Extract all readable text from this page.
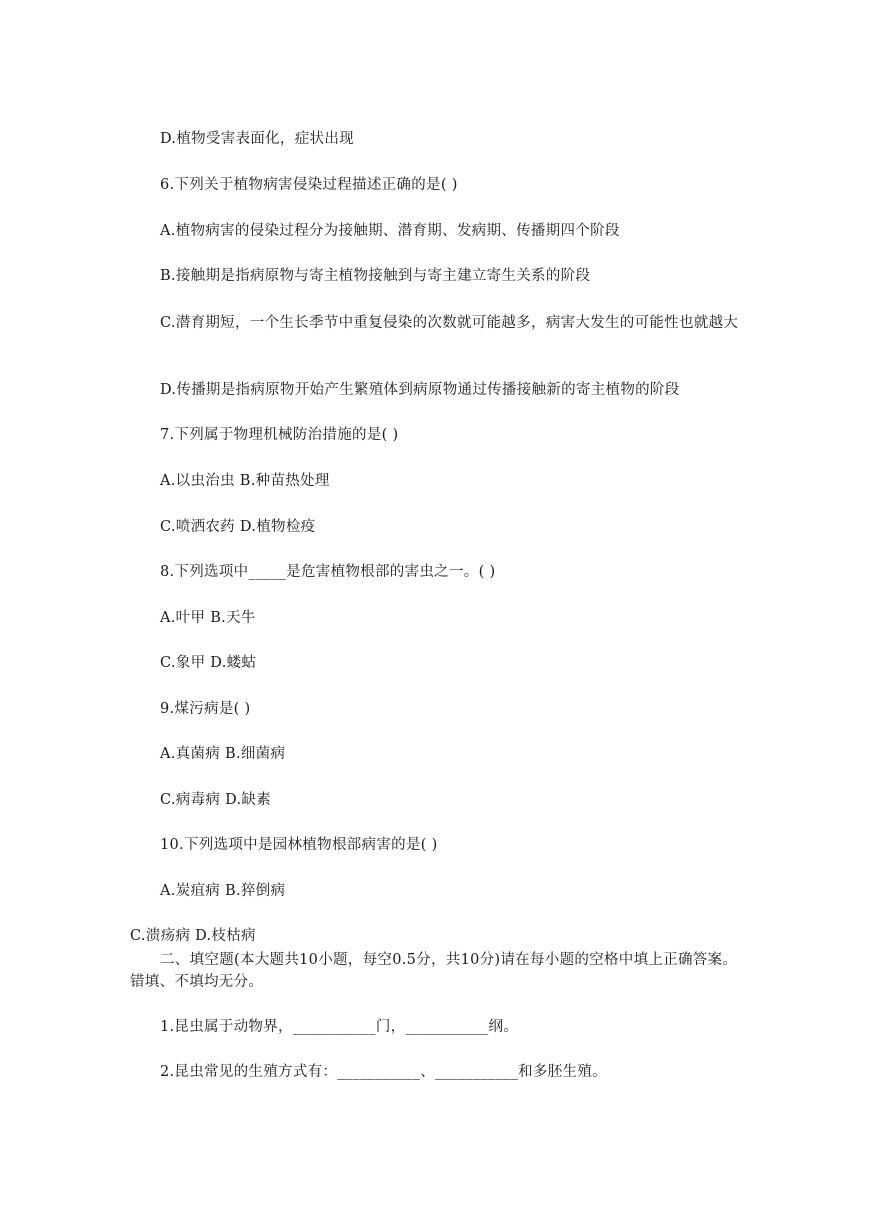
D.植物受害表面化，症状出现
6.下列关于植物病害侵染过程描述正确的是( )
A.植物病害的侵染过程分为接触期、潜育期、发病期、传播期四个阶段
B.接触期是指病原物与寄主植物接触到与寄主建立寄生关系的阶段
C.潜育期短，一个生长季节中重复侵染的次数就可能越多，病害大发生的可能性也就越大
D.传播期是指病原物开始产生繁殖体到病原物通过传播接触新的寄主植物的阶段
7.下列属于物理机械防治措施的是( )
A.以虫治虫 B.种苗热处理
C.喷洒农药 D.植物检疫
8.下列选项中_____是危害植物根部的害虫之一。( )
A.叶甲 B.天牛
C.象甲 D.蝼蛄
9.煤污病是( )
A.真菌病 B.细菌病
C.病毒病 D.缺素
10.下列选项中是园林植物根部病害的是( )
A.炭疽病 B.猝倒病
C.溃疡病 D.枝枯病
二、填空题(本大题共10小题，每空0.5分，共10分)请在每小题的空格中填上正确答案。错填、不填均无分。
1.昆虫属于动物界，___________门，___________纲。
2.昆虫常见的生殖方式有：___________、___________和多胚生殖。
